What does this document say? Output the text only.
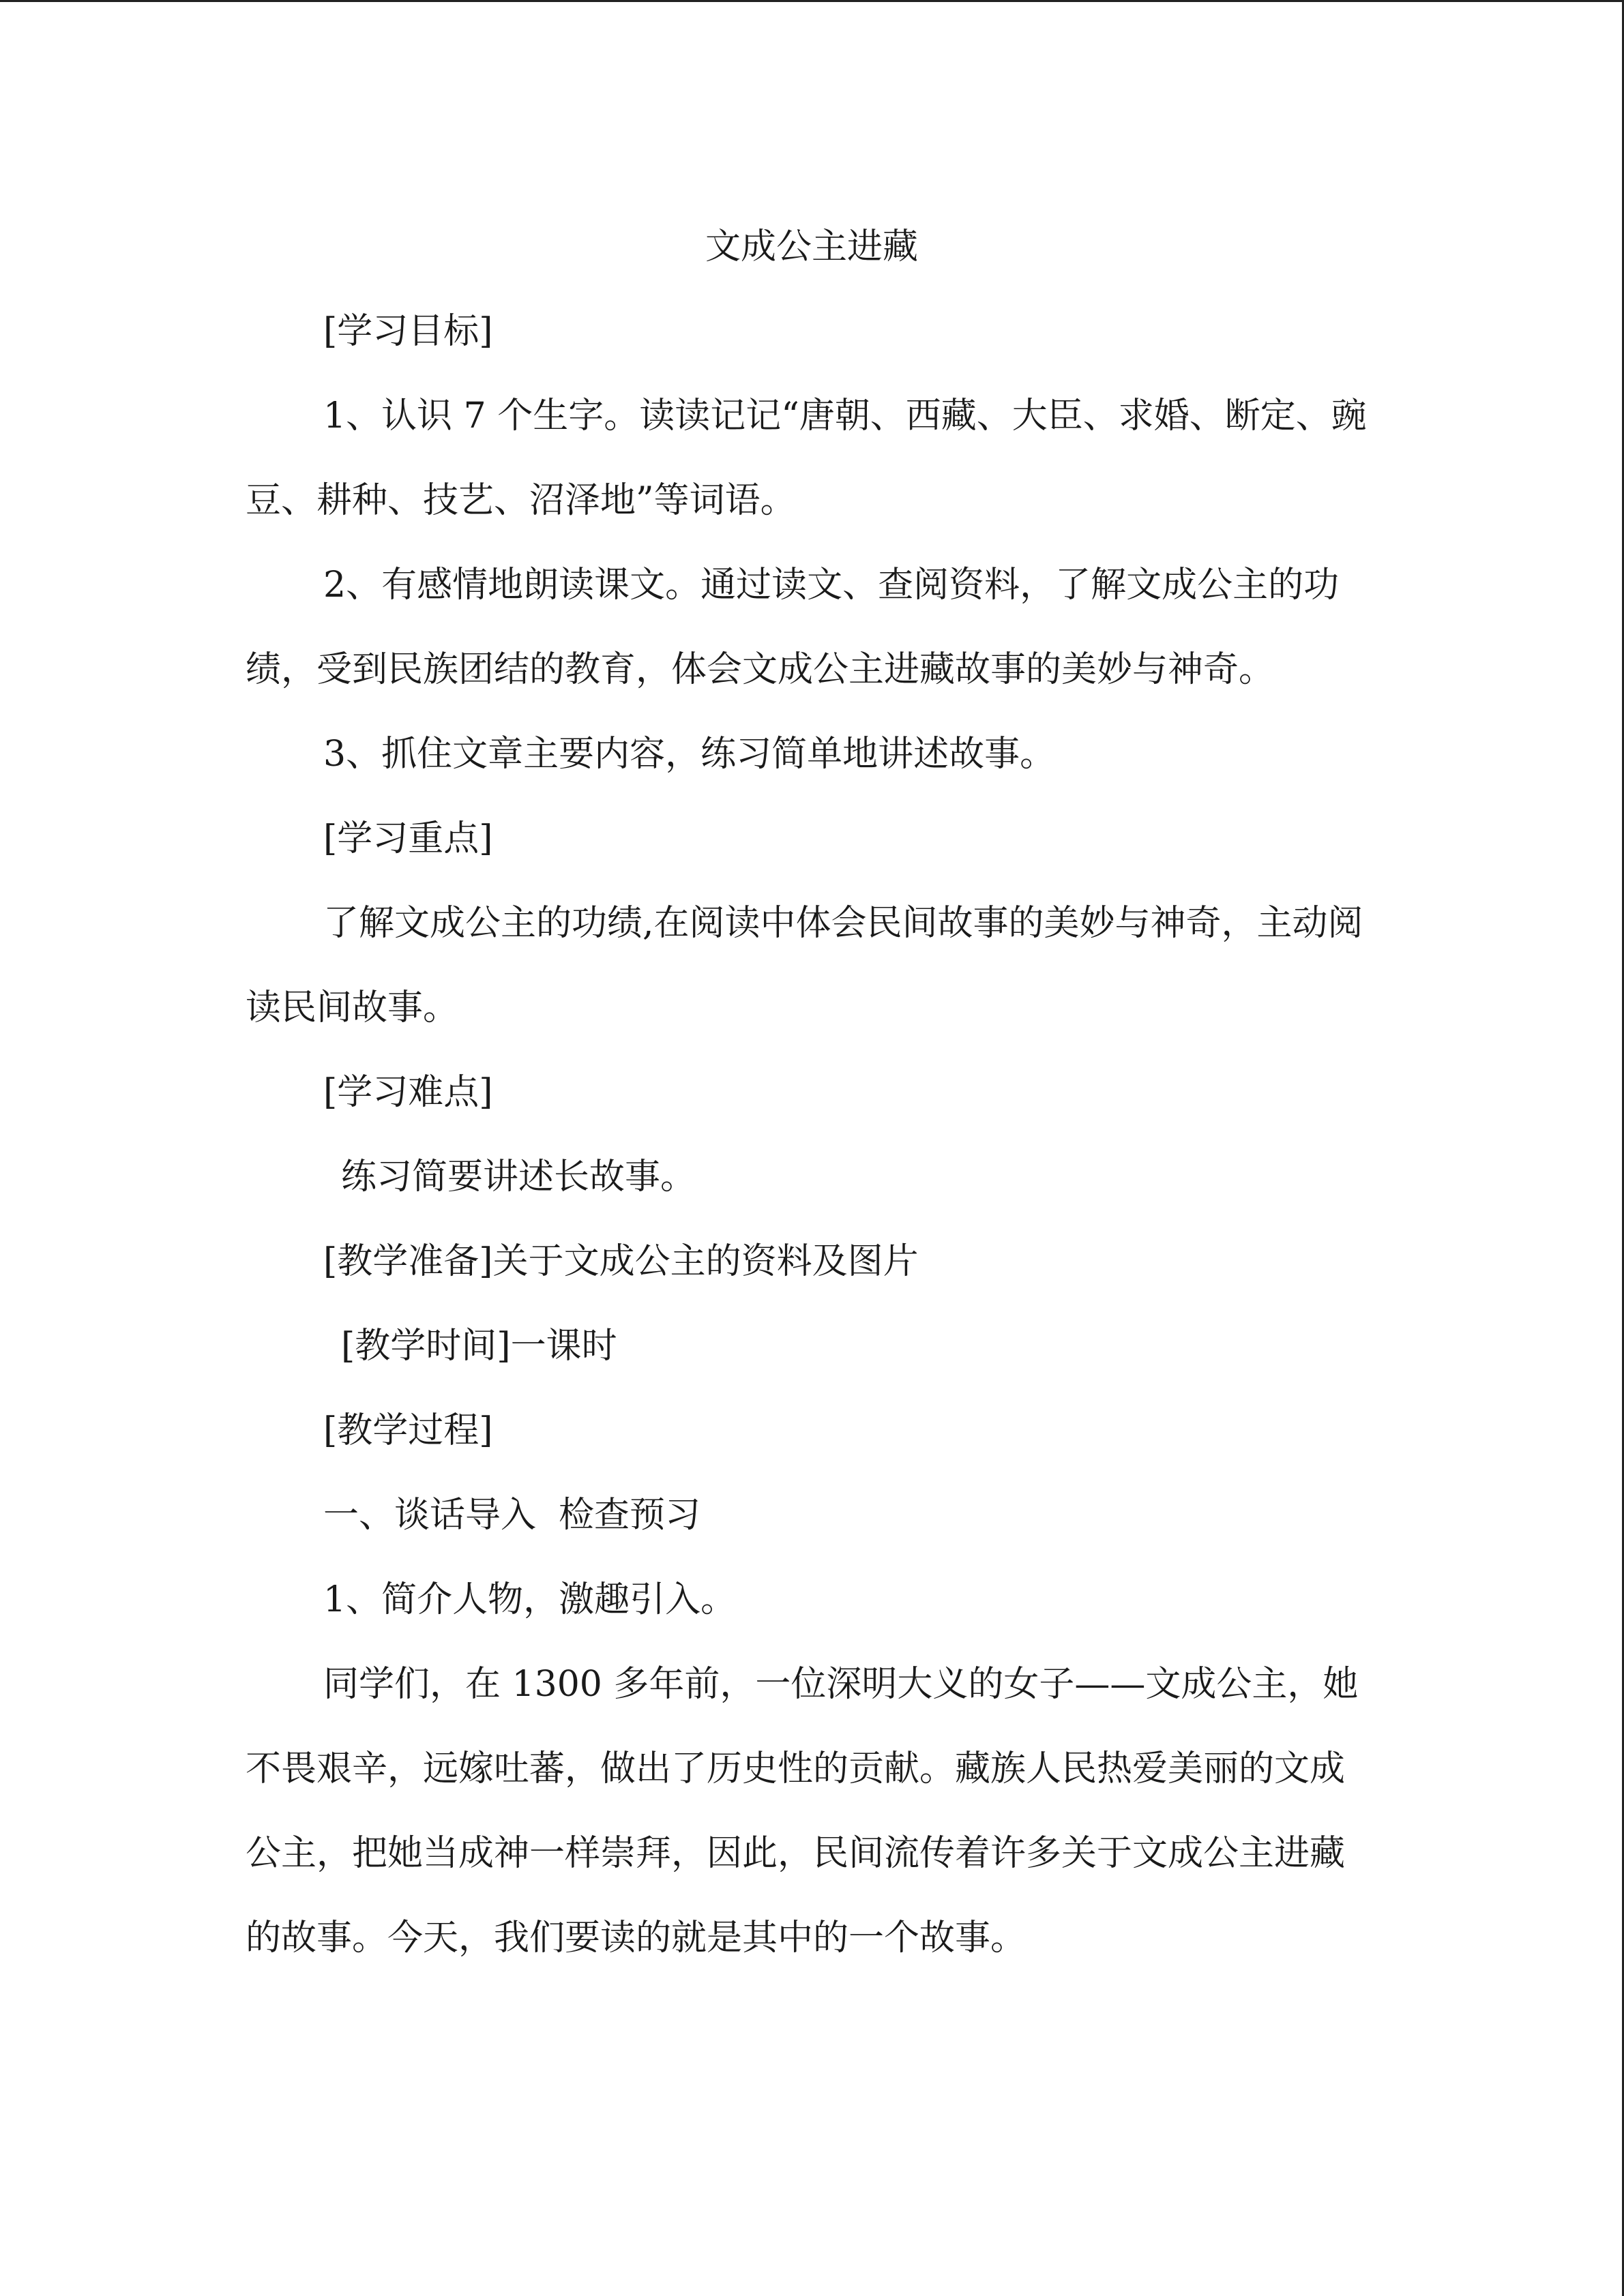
文成公主进藏

[学习目标]

1、认识 7 个生字。读读记记“唐朝、西藏、大臣、求婚、断定、豌豆、耕种、技艺、沼泽地”等词语。

2、有感情地朗读课文。通过读文、查阅资料，了解文成公主的功绩，受到民族团结的教育，体会文成公主进藏故事的美妙与神奇。

3、抓住文章主要内容，练习简单地讲述故事。

[学习重点]

了解文成公主的功绩,在阅读中体会民间故事的美妙与神奇，主动阅读民间故事。

[学习难点]

练习简要讲述长故事。

[教学准备]关于文成公主的资料及图片

[教学时间]一课时

[教学过程]

一、谈话导入  检查预习

1、简介人物，激趣引入。

同学们，在 1300 多年前，一位深明大义的女子——文成公主，她不畏艰辛，远嫁吐蕃，做出了历史性的贡献。藏族人民热爱美丽的文成公主，把她当成神一样崇拜，因此，民间流传着许多关于文成公主进藏的故事。今天，我们要读的就是其中的一个故事。
